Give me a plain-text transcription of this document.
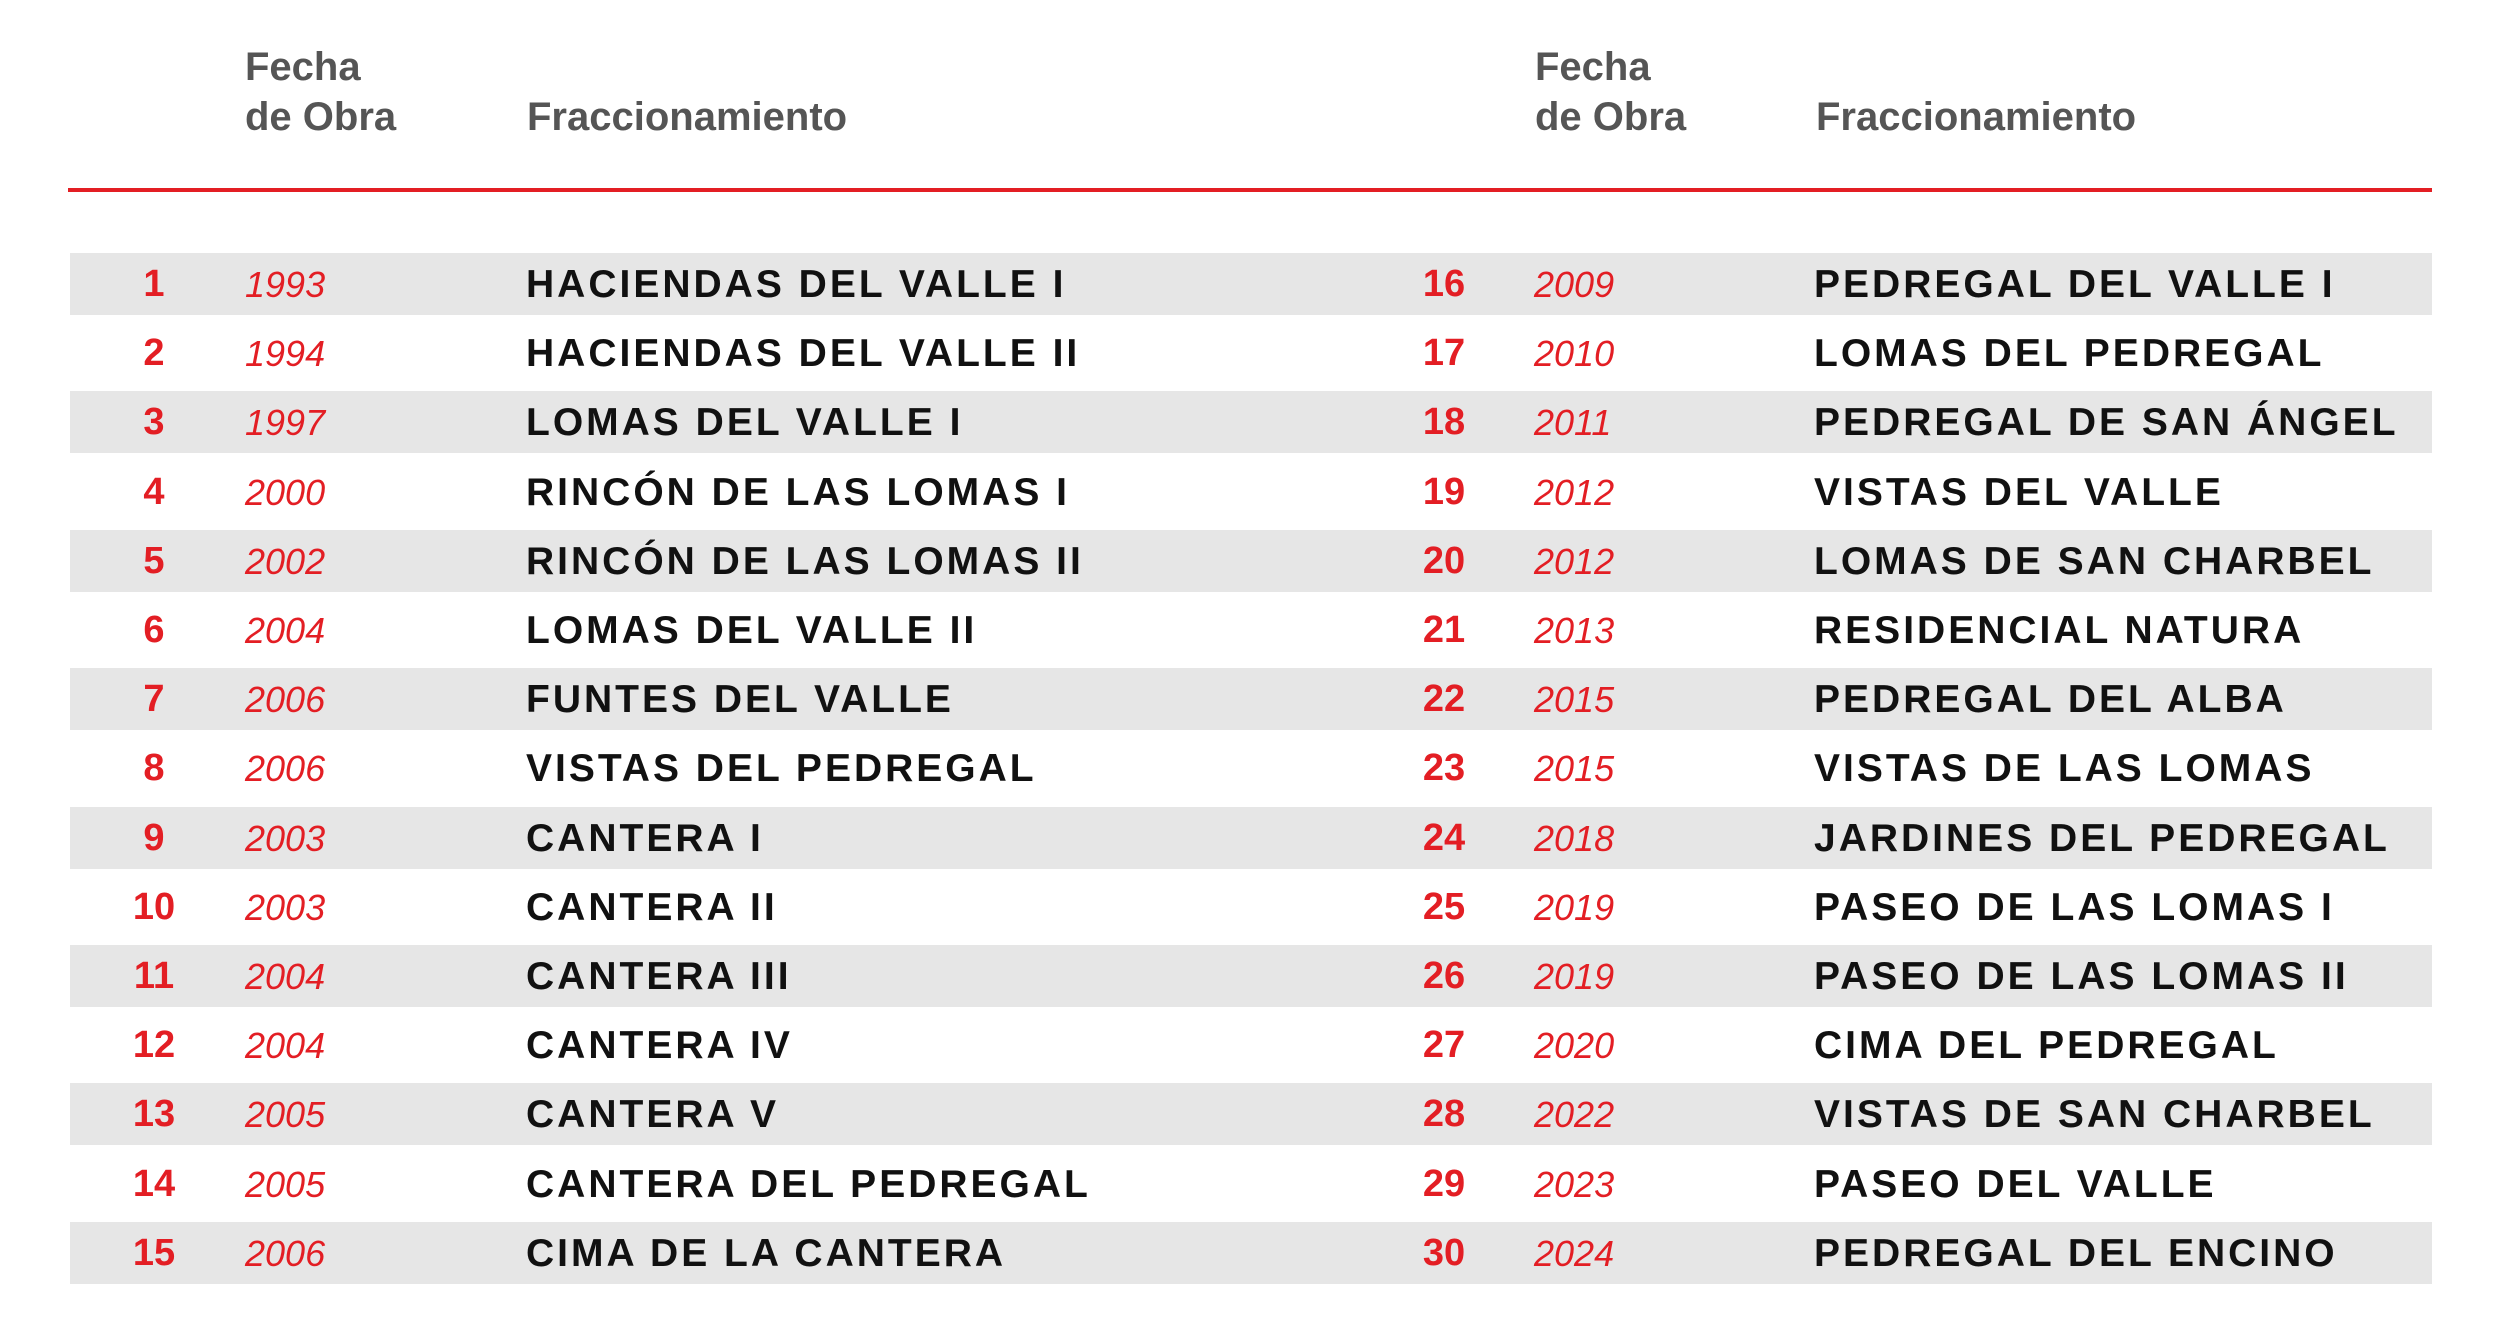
Fecha
de Obra	Fraccionamiento
Fecha
de Obra	Fraccionamiento
1	1993	HACIENDAS DEL VALLE I	16	2009	PEDREGAL DEL VALLE I
2	1994	HACIENDAS DEL VALLE II	17	2010	LOMAS DEL PEDREGAL
3	1997	LOMAS DEL VALLE I	18	2011	PEDREGAL DE SAN ÁNGEL
4	2000	RINCÓN DE LAS LOMAS I	19	2012	VISTAS DEL VALLE
5	2002	RINCÓN DE LAS LOMAS II	20	2012	LOMAS DE SAN CHARBEL
6	2004	LOMAS DEL VALLE II	21	2013	RESIDENCIAL NATURA
7	2006	FUNTES DEL VALLE	22	2015	PEDREGAL DEL ALBA
8	2006	VISTAS DEL PEDREGAL	23	2015	VISTAS DE LAS LOMAS
9	2003	CANTERA I	24	2018	JARDINES DEL PEDREGAL
10	2003	CANTERA II	25	2019	PASEO DE LAS LOMAS I
11	2004	CANTERA III	26	2019	PASEO DE LAS LOMAS II
12	2004	CANTERA IV	27	2020	CIMA DEL PEDREGAL
13	2005	CANTERA V	28	2022	VISTAS DE SAN CHARBEL
14	2005	CANTERA DEL PEDREGAL	29	2023	PASEO DEL VALLE
15	2006	CIMA DE LA CANTERA	30	2024	PEDREGAL DEL ENCINO
